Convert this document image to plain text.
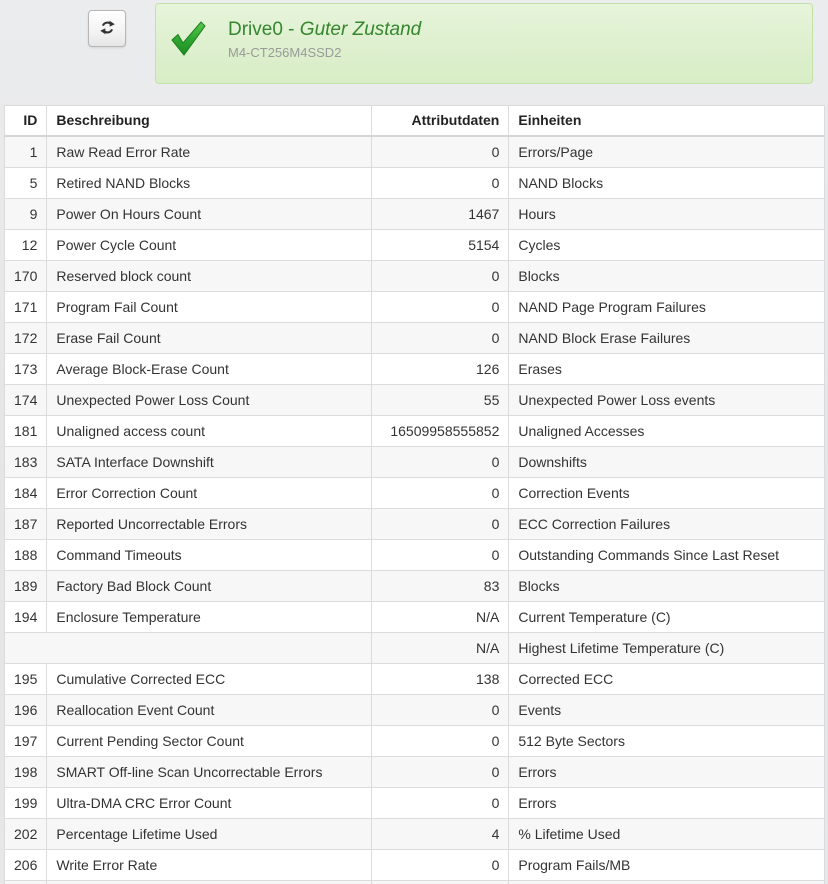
Drive0 - Guter Zustand
M4-CT256M4SSD2
ID	Beschreibung	Attributdaten	Einheiten
1	Raw Read Error Rate	0	Errors/Page
5	Retired NAND Blocks	0	NAND Blocks
9	Power On Hours Count	1467	Hours
12	Power Cycle Count	5154	Cycles
170	Reserved block count	0	Blocks
171	Program Fail Count	0	NAND Page Program Failures
172	Erase Fail Count	0	NAND Block Erase Failures
173	Average Block-Erase Count	126	Erases
174	Unexpected Power Loss Count	55	Unexpected Power Loss events
181	Unaligned access count	16509958555852	Unaligned Accesses
183	SATA Interface Downshift	0	Downshifts
184	Error Correction Count	0	Correction Events
187	Reported Uncorrectable Errors	0	ECC Correction Failures
188	Command Timeouts	0	Outstanding Commands Since Last Reset
189	Factory Bad Block Count	83	Blocks
194	Enclosure Temperature	N/A	Current Temperature (C)
		N/A	Highest Lifetime Temperature (C)
195	Cumulative Corrected ECC	138	Corrected ECC
196	Reallocation Event Count	0	Events
197	Current Pending Sector Count	0	512 Byte Sectors
198	SMART Off-line Scan Uncorrectable Errors	0	Errors
199	Ultra-DMA CRC Error Count	0	Errors
202	Percentage Lifetime Used	4	% Lifetime Used
206	Write Error Rate	0	Program Fails/MB
